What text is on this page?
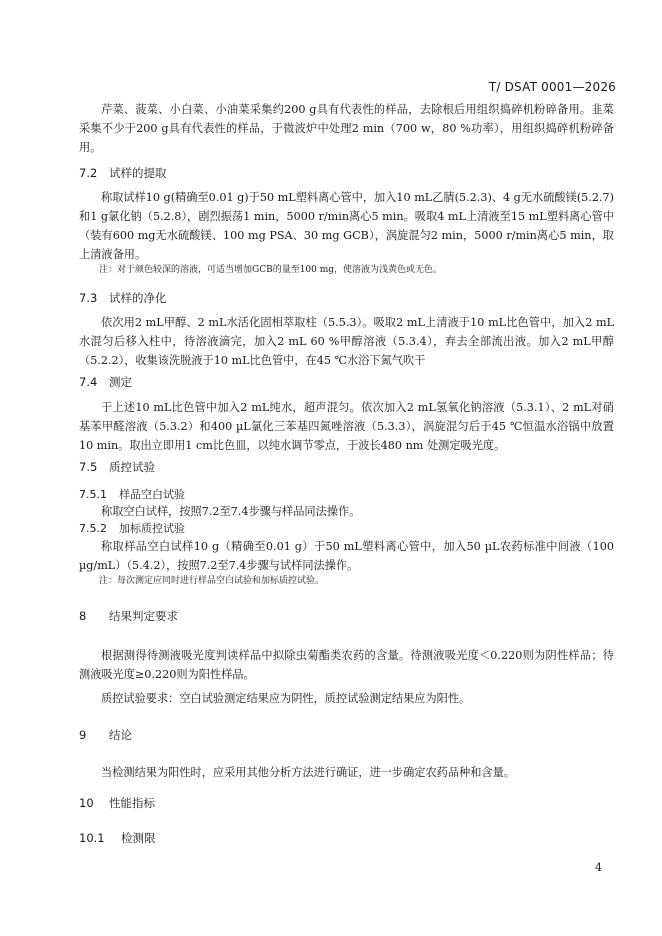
T/ DSAT 0001—2026
芹菜、菠菜、小白菜、小油菜采集约200 g具有代表性的样品，去除根后用组织捣碎机粉碎备用。韭菜采集不少于200 g具有代表性的样品，于微波炉中处理2 min（700 w，80 %功率），用组织捣碎机粉碎备用。
7.2 试样的提取
称取试样10 g(精确至0.01 g)于50 mL塑料离心管中，加入10 mL乙腈(5.2.3)、4 g无水硫酸镁(5.2.7)和1 g氯化钠（5.2.8），剧烈振荡1 min，5000 r/min离心5 min。吸取4 mL上清液至15 mL塑料离心管中（装有600 mg无水硫酸镁、100 mg PSA、30 mg GCB），涡旋混匀2 min，5000 r/min离心5 min，取上清液备用。
注：对于颜色较深的溶液，可适当增加GCB的量至100 mg，使溶液为浅黄色或无色。
7.3 试样的净化
依次用2 mL甲醇、2 mL水活化固相萃取柱（5.5.3）。吸取2 mL上清液于10 mL比色管中，加入2 mL水混匀后移入柱中，待溶液滴完，加入2 mL 60 %甲醇溶液（5.3.4），弃去全部流出液。加入2 mL甲醇（5.2.2），收集该洗脱液于10 mL比色管中，在45 ℃水浴下氮气吹干
7.4 测定
于上述10 mL比色管中加入2 mL纯水，超声混匀。依次加入2 mL氢氧化钠溶液（5.3.1）、2 mL对硝基苯甲醛溶液（5.3.2）和400 µL氯化三苯基四氮唑溶液（5.3.3），涡旋混匀后于45 ℃恒温水浴锅中放置10 min。取出立即用1 cm比色皿，以纯水调节零点，于波长480 nm 处测定吸光度。
7.5 质控试验
7.5.1 样品空白试验
称取空白试样，按照7.2至7.4步骤与样品同法操作。
7.5.2 加标质控试验
称取样品空白试样10 g（精确至0.01 g）于50 mL塑料离心管中，加入50 µL农药标准中间液（100 µg/mL）（5.4.2），按照7.2至7.4步骤与试样同法操作。
注：每次测定应同时进行样品空白试验和加标质控试验。
8 结果判定要求
根据测得待测液吸光度判读样品中拟除虫菊酯类农药的含量。待测液吸光度＜0.220则为阴性样品；待测液吸光度≥0.220则为阳性样品。
质控试验要求：空白试验测定结果应为阴性，质控试验测定结果应为阳性。
9 结论
当检测结果为阳性时，应采用其他分析方法进行确证，进一步确定农药品种和含量。
10 性能指标
10.1 检测限
4
